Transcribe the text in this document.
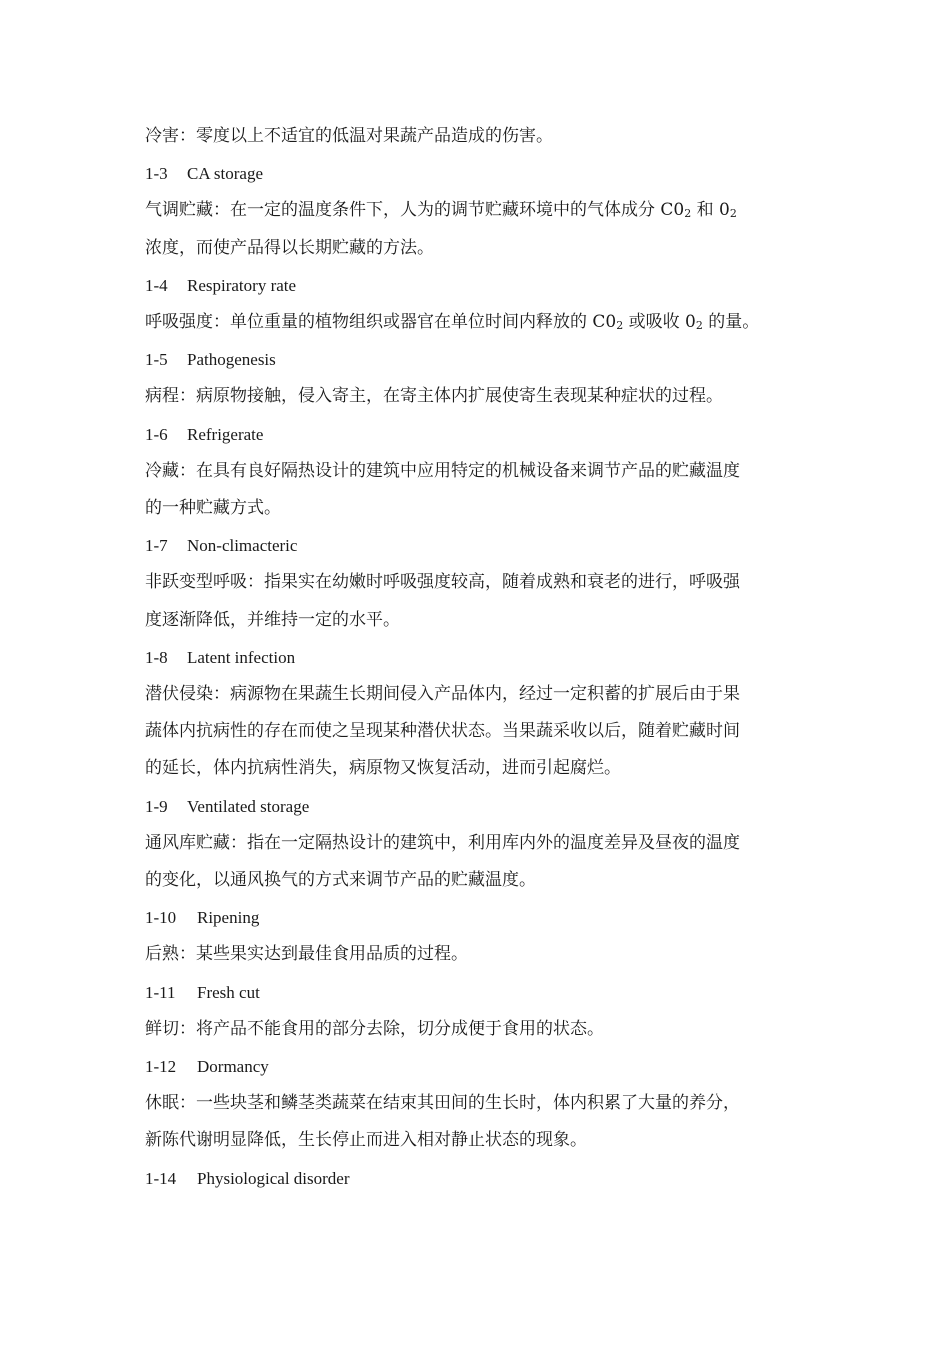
冷害：零度以上不适宜的低温对果蔬产品造成的伤害。
1-3 CA storage
气调贮藏：在一定的温度条件下，人为的调节贮藏环境中的气体成分 $C0_2$ 和 $0_2$
浓度，而使产品得以长期贮藏的方法。
1-4 Respiratory rate
呼吸强度：单位重量的植物组织或器官在单位时间内释放的 $C0_2$ 或吸收 $0_2$ 的量。
1-5 Pathogenesis
病程：病原物接触，侵入寄主，在寄主体内扩展使寄生表现某种症状的过程。
1-6 Refrigerate
冷藏：在具有良好隔热设计的建筑中应用特定的机械设备来调节产品的贮藏温度
的一种贮藏方式。
1-7 Non-climacteric
非跃变型呼吸：指果实在幼嫩时呼吸强度较高，随着成熟和衰老的进行，呼吸强
度逐渐降低，并维持一定的水平。
1-8 Latent infection
潜伏侵染：病源物在果蔬生长期间侵入产品体内，经过一定积蓄的扩展后由于果
蔬体内抗病性的存在而使之呈现某种潜伏状态。当果蔬采收以后，随着贮藏时间
的延长，体内抗病性消失，病原物又恢复活动，进而引起腐烂。
1-9 Ventilated storage
通风库贮藏：指在一定隔热设计的建筑中，利用库内外的温度差异及昼夜的温度
的变化，以通风换气的方式来调节产品的贮藏温度。
1-10 Ripening
后熟：某些果实达到最佳食用品质的过程。
1-11 Fresh cut
鲜切：将产品不能食用的部分去除，切分成便于食用的状态。
1-12 Dormancy
休眠：一些块茎和鳞茎类蔬菜在结束其田间的生长时，体内积累了大量的养分，
新陈代谢明显降低，生长停止而进入相对静止状态的现象。
1-14 Physiological disorder
